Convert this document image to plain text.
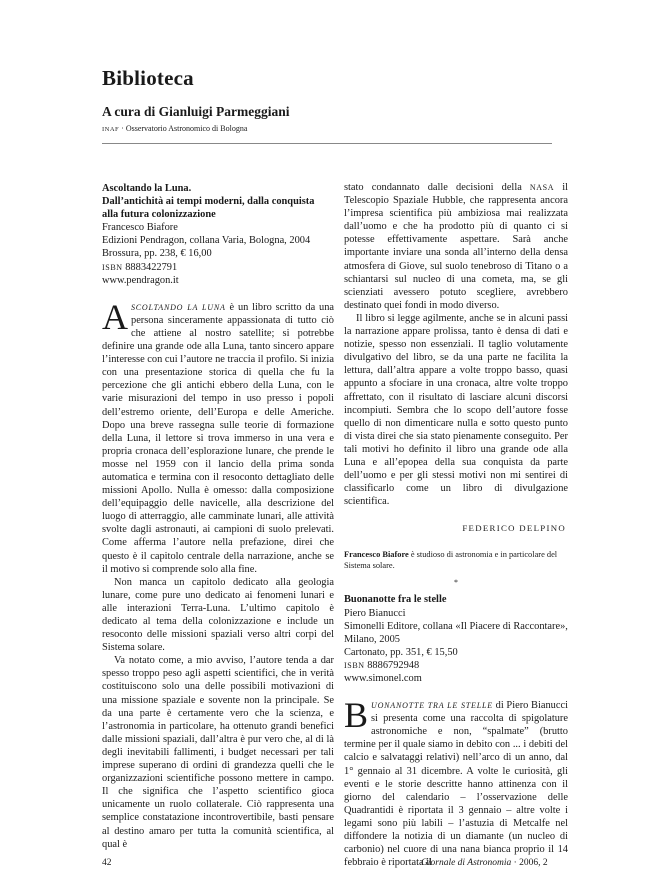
Biblioteca
A cura di Gianluigi Parmeggiani
INAF · Osservatorio Astronomico di Bologna
Ascoltando la Luna.
Dall’antichità ai tempi moderni, dalla conquista
alla futura colonizzazione
Francesco Biafore
Edizioni Pendragon, collana Varia, Bologna, 2004
Brossura, pp. 238, € 16,00
ISBN 8883422791
www.pendragon.it

ASCOLTANDO LA LUNA è un libro scritto da una persona sinceramente appassionata di tutto ciò che attiene al nostro satellite; si potrebbe definire una grande ode alla Luna, tanto sincero appare l’interesse con cui l’autore ne traccia il profilo. Si inizia con una presentazione storica di quella che fu la percezione che gli antichi ebbero della Luna, con le varie misurazioni del tempo in uso presso i popoli dell’estremo oriente, dell’Europa e delle Americhe. Dopo una breve rassegna sulle teorie di formazione della Luna, il lettore si trova immerso in una vera e propria cronaca dell’esplorazione lunare, che prende le mosse nel 1959 con il lancio della prima sonda automatica e termina con il resoconto dettagliato delle missioni Apollo. Nulla è omesso: dalla composizione dell’equipaggio delle navicelle, alla descrizione del luogo di atterraggio, alle camminate lunari, alle attività svolte dagli astronauti, ai campioni di suolo prelevati. Come afferma l’autore nella prefazione, direi che questo è il capitolo centrale della narrazione, anche se il motivo si comprende solo alla fine.

Non manca un capitolo dedicato alla geologia lunare, come pure uno dedicato ai fenomeni lunari e alle interazioni Terra-Luna. L’ultimo capitolo è dedicato al tema della colonizzazione e include un resoconto delle missioni spaziali verso altri corpi del Sistema solare.

Va notato come, a mio avviso, l’autore tenda a dar spesso troppo peso agli aspetti scientifici, che in verità costituiscono solo una delle possibili motivazioni di una missione spaziale e sovente non la principale. Se da una parte è certamente vero che la scienza, e l’astronomia in particolare, ha ottenuto grandi benefici dalle missioni spaziali, dall’altra è pur vero che, al di là degli inevitabili fallimenti, i budget necessari per tali imprese superano di ordini di grandezza quelli che le organizzazioni scientifiche possono mettere in campo. Il che significa che l’aspetto scientifico gioca unicamente un ruolo collaterale. Ciò rappresenta una semplice constatazione incontrovertibile, basti pensare al destino amaro per tutta la comunità scientifica, al qual è

stato condannato dalle decisioni della NASA il Telescopio Spaziale Hubble, che rappresenta ancora l’impresa scientifica più ambiziosa mai realizzata dall’uomo e che ha prodotto più di quanto ci si potesse effettivamente aspettare. Sarà anche importante inviare una sonda all’interno della densa atmosfera di Giove, sul suolo tenebroso di Titano o a schiantarsi sul nucleo di una cometa, ma, se gli scienziati avessero potuto scegliere, avrebbero destinato quei fondi in modo diverso.

Il libro si legge agilmente, anche se in alcuni passi la narrazione appare prolissa, tanto è densa di dati e notizie, spesso non essenziali. Il taglio volutamente divulgativo del libro, se da una parte ne facilita la lettura, dall’altra appare a volte troppo basso, quasi appunto a sfociare in una cronaca, altre volte troppo affrettato, con il risultato di lasciare alcuni discorsi incompiuti. Sembra che lo scopo dell’autore fosse quello di non dimenticare nulla e sotto questo punto di vista direi che sia stato pienamente conseguito. Per tali motivi ho definito il libro una grande ode alla Luna e all’epopea della sua conquista da parte dell’uomo e per gli stessi motivi non mi sentirei di classificarlo come un libro di divulgazione scientifica.

FEDERICO DELPINO
Francesco Biafore è studioso di astronomia e in particolare del Sistema solare.
*
Buonanotte fra le stelle
Piero Bianucci
Simonelli Editore, collana «Il Piacere di Raccontare», Milano, 2005
Cartonato, pp. 351, € 15,50
ISBN 8886792948
www.simonel.com

BUONANOTTE TRA LE STELLE di Piero Bianucci si presenta come una raccolta di spigolature astronomiche e non, “spalmate” (brutto termine per il quale siamo in debito con ... i debiti del calcio e salvataggi relativi) nell’arco di un anno, dal 1° gennaio al 31 dicembre. A volte le curiosità, gli eventi e le storie descritte hanno attinenza con il giorno del calendario – l’osservazione delle Quadrantidi è riportata il 3 gennaio – altre volte i legami sono più labili – l’astuzia di Metcalfe nel diffondere la notizia di un diamante (un nucleo di carbonio) nel cuore di una nana bianca proprio il 14 febbraio è riportata il

42	Giornale di Astronomia · 2006, 2
